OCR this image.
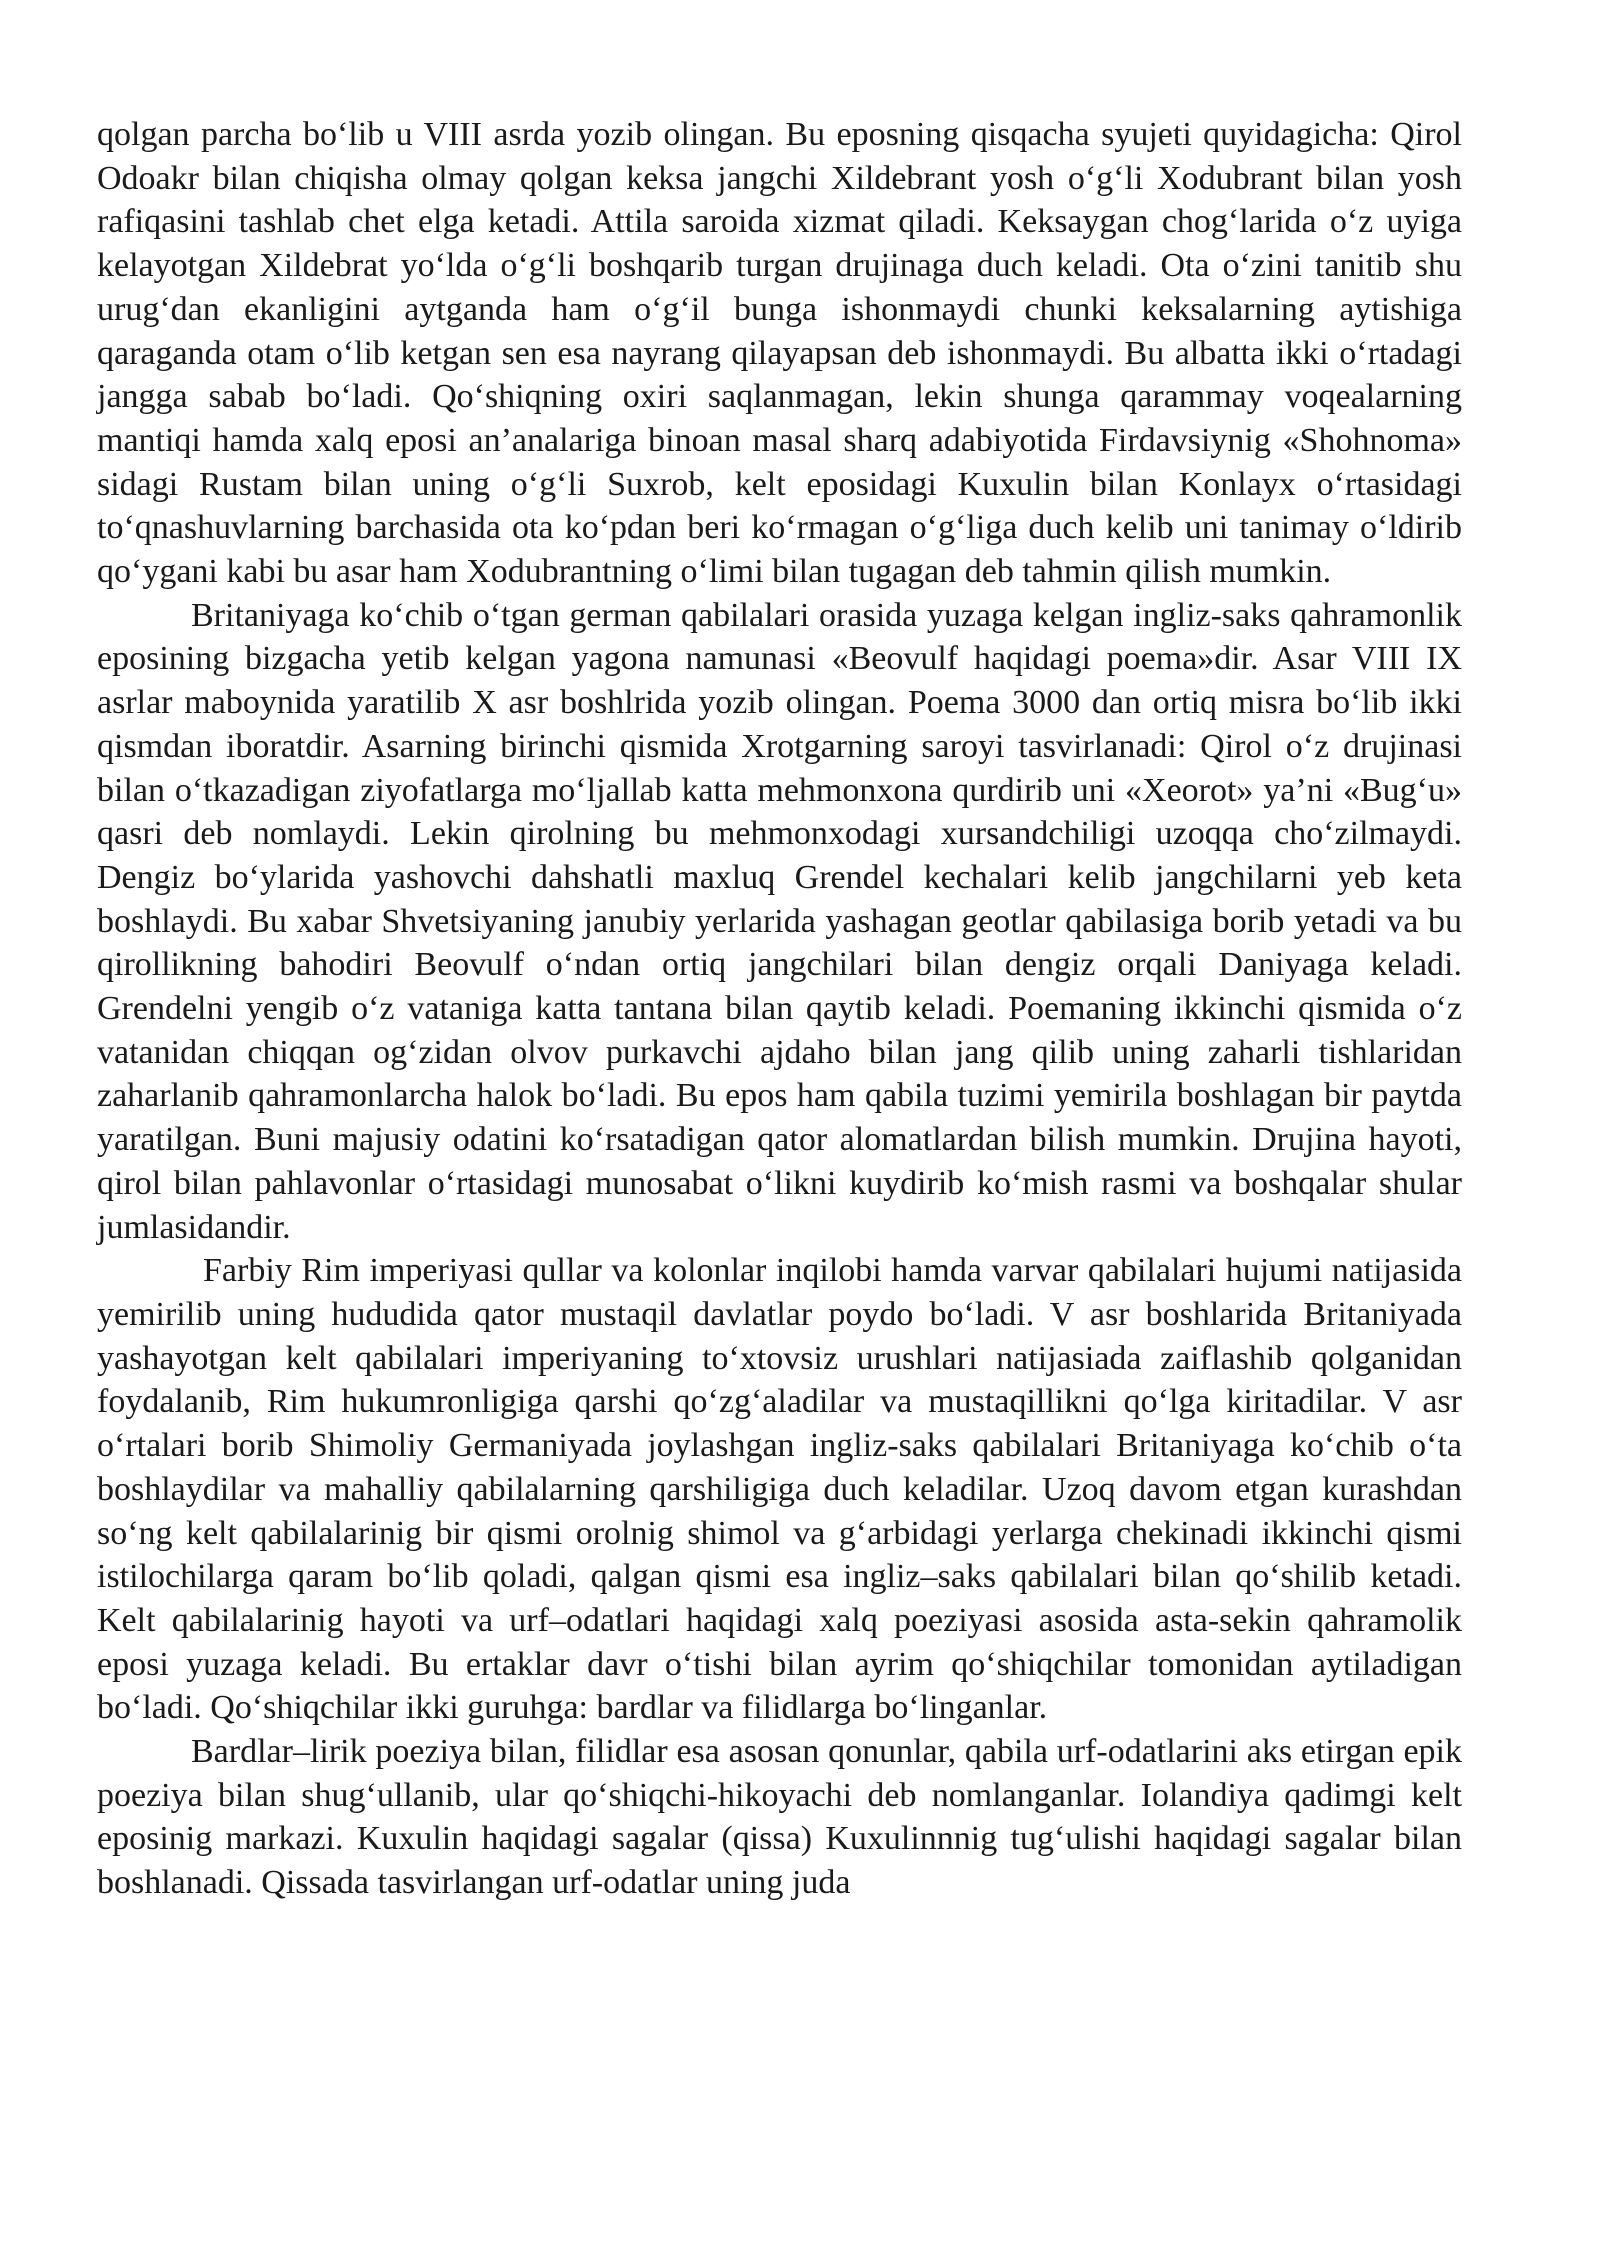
qolgan parcha bo‘lib u VIII asrda yozib olingan. Bu eposning qisqacha syujeti quyidagicha: Qirol Odoakr bilan chiqisha olmay qolgan keksa jangchi Xildebrant yosh o‘g‘li Xodubrant bilan yosh rafiqasini tashlab chet elga ketadi. Attila saroida xizmat qiladi. Keksaygan chog‘larida o‘z uyiga kelayotgan Xildebrat yo‘lda o‘g‘li boshqarib turgan drujinaga duch keladi. Ota o‘zini tanitib shu urug‘dan ekanligini aytganda ham o‘g‘il bunga ishonmaydi chunki keksalarning aytishiga qaraganda otam o‘lib ketgan sen esa nayrang qilayapsan deb ishonmaydi. Bu albatta ikki o‘rtadagi jangga sabab bo‘ladi. Qo‘shiqning oxiri saqlanmagan, lekin shunga qarammay voqealarning mantiqi hamda xalq eposi an’analariga binoan masal sharq adabiyotida Firdavsiynig «Shohnoma» sidagi Rustam bilan uning o‘g‘li Suxrob, kelt eposidagi Kuxulin bilan Konlayx o‘rtasidagi to‘qnashuvlarning barchasida ota ko‘pdan beri ko‘rmagan o‘g‘liga duch kelib uni tanimay o‘ldirib qo‘ygani kabi bu asar ham Xodubrantning o‘limi bilan tugagan deb tahmin qilish mumkin.

Britaniyaga ko‘chib o‘tgan german qabilalari orasida yuzaga kelgan ingliz-saks qahramonlik eposining bizgacha yetib kelgan yagona namunasi «Beovulf haqidagi poema»dir. Asar VIII IX asrlar maboynida yaratilib X asr boshlrida yozib olingan. Poema 3000 dan ortiq misra bo‘lib ikki qismdan iboratdir. Asarning birinchi qismida Xrotgarning saroyi tasvirlanadi: Qirol o‘z drujinasi bilan o‘tkazadigan ziyofatlarga mo‘ljallab katta mehmonxona qurdirib uni «Xeorot» ya’ni «Bug‘u» qasri deb nomlaydi. Lekin qirolning bu mehmonxodagi xursandchiligi uzoqqa cho‘zilmaydi. Dengiz bo‘ylarida yashovchi dahshatli maxluq Grendel kechalari kelib jangchilarni yeb keta boshlaydi. Bu xabar Shvetsiyaning janubiy yerlarida yashagan geotlar qabilasiga borib yetadi va bu qirollikning bahodiri Beovulf o‘ndan ortiq jangchilari bilan dengiz orqali Daniyaga keladi. Grendelni yengib o‘z vataniga katta tantana bilan qaytib keladi. Poemaning ikkinchi qismida o‘z vatanidan chiqqan og‘zidan olvov purkavchi ajdaho bilan jang qilib uning zaharli tishlaridan zaharlanib qahramonlarcha halok bo‘ladi. Bu epos ham qabila tuzimi yemirila boshlagan bir paytda yaratilgan. Buni majusiy odatini ko‘rsatadigan qator alomatlardan bilish mumkin. Drujina hayoti, qirol bilan pahlavonlar o‘rtasidagi munosabat o‘likni kuydirib ko‘mish rasmi va boshqalar shular jumlasidandir.

Farbiy Rim imperiyasi qullar va kolonlar inqilobi hamda varvar qabilalari hujumi natijasida yemirilib uning hududida qator mustaqil davlatlar poydo bo‘ladi. V asr boshlarida Britaniyada yashayotgan kelt qabilalari imperiyaning to‘xtovsiz urushlari natijasiada zaiflashib qolganidan foydalanib, Rim hukumronligiga qarshi qo‘zg‘aladilar va mustaqillikni qo‘lga kiritadilar. V asr o‘rtalari borib Shimoliy Germaniyada joylashgan ingliz-saks qabilalari Britaniyaga ko‘chib o‘ta boshlaydilar va mahalliy qabilalarning qarshiligiga duch keladilar. Uzoq davom etgan kurashdan so‘ng kelt qabilalarinig bir qismi orolnig shimol va g‘arbidagi yerlarga chekinadi ikkinchi qismi istilochilarga qaram bo‘lib qoladi, qalgan qismi esa ingliz–saks qabilalari bilan qo‘shilib ketadi. Kelt qabilalarinig hayoti va urf–odatlari haqidagi xalq poeziyasi asosida asta-sekin qahramolik eposi yuzaga keladi. Bu ertaklar davr o‘tishi bilan ayrim qo‘shiqchilar tomonidan aytiladigan bo‘ladi. Qo‘shiqchilar ikki guruhga: bardlar va filidlarga bo‘linganlar.

Bardlar–lirik poeziya bilan, filidlar esa asosan qonunlar, qabila urf-odatlarini aks etirgan epik poeziya bilan shug‘ullanib, ular qo‘shiqchi-hikoyachi deb nomlanganlar. Iolandiya qadimgi kelt eposinig markazi. Kuxulin haqidagi sagalar (qissa) Kuxulinnnig tug‘ulishi haqidagi sagalar bilan boshlanadi. Qissada tasvirlangan urf-odatlar uning juda
